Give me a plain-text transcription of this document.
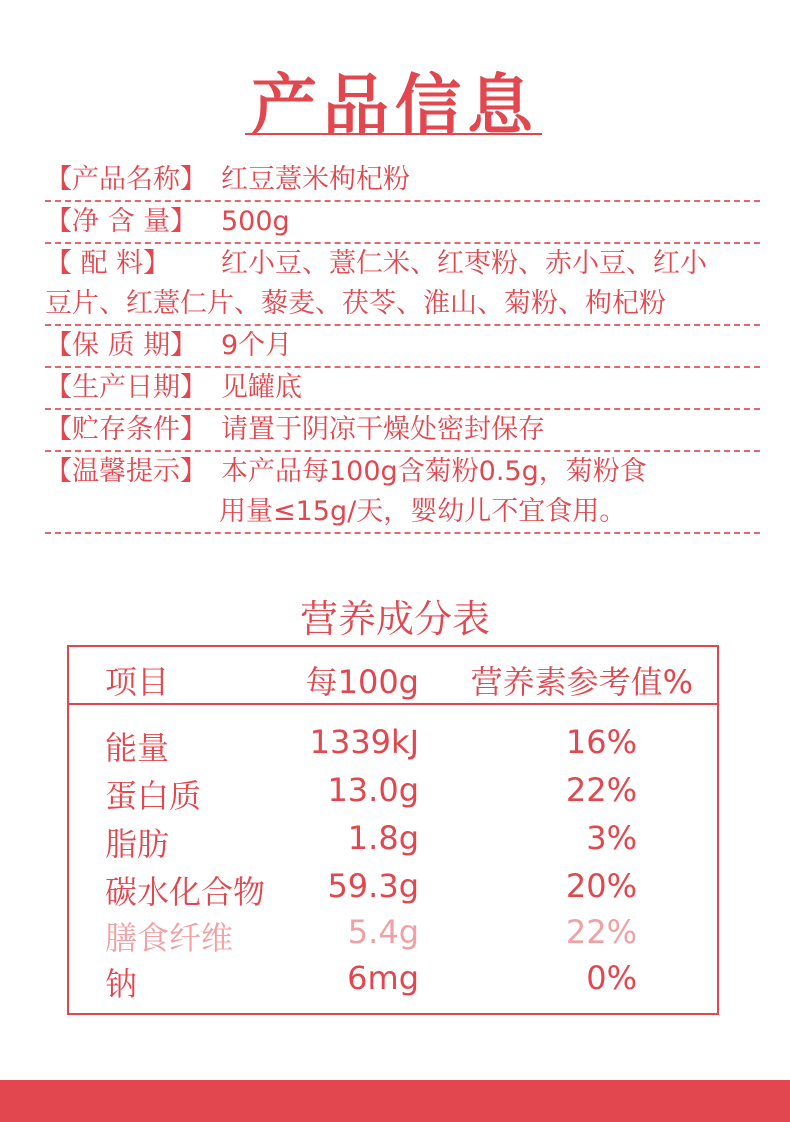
产品信息
【产品名称】 红豆薏米枸杞粉
【净 含 量】 500g
【 配 料】 红小豆、薏仁米、红枣粉、赤小豆、红小
豆片、红薏仁片、藜麦、茯苓、淮山、菊粉、枸杞粉
【保 质 期】 9个月
【生产日期】 见罐底
【贮存条件】 请置于阴凉干燥处密封保存
【温馨提示】 本产品每100g含菊粉0.5g，菊粉食
用量≤15g/天，婴幼儿不宜食用。
营养成分表
项目	每100g 营养素参考值%
能量	1339kJ	16%
蛋白质	13.0g	22%
脂肪	1.8g	3%
碳水化合物 59.3g	20%
膳食纤维	5.4g	22%
钠	6mg	0%
